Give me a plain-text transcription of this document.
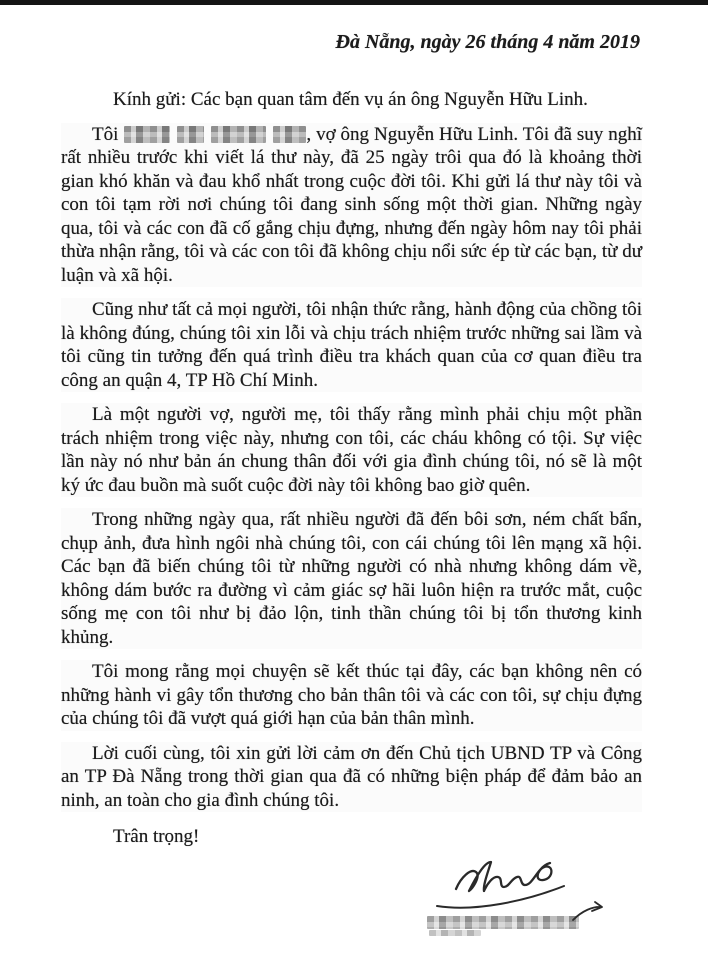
Đà Nẵng, ngày 26 tháng 4 năm 2019
Kính gửi: Các bạn quan tâm đến vụ án ông Nguyễn Hữu Linh.

Tôi	, vợ ông Nguyễn Hữu Linh. Tôi đã suy nghĩ rất nhiều trước khi viết lá thư này, đã 25 ngày trôi qua đó là khoảng thời gian khó khăn và đau khổ nhất trong cuộc đời tôi. Khi gửi lá thư này tôi và con tôi tạm rời nơi chúng tôi đang sinh sống một thời gian. Những ngày qua, tôi và các con đã cố gắng chịu đựng, nhưng đến ngày hôm nay tôi phải thừa nhận rằng, tôi và các con tôi đã không chịu nổi sức ép từ các bạn, từ dư luận và xã hội.

Cũng như tất cả mọi người, tôi nhận thức rằng, hành động của chồng tôi là không đúng, chúng tôi xin lỗi và chịu trách nhiệm trước những sai lầm và tôi cũng tin tưởng đến quá trình điều tra khách quan của cơ quan điều tra công an quận 4, TP Hồ Chí Minh.

Là một người vợ, người mẹ, tôi thấy rằng mình phải chịu một phần trách nhiệm trong việc này, nhưng con tôi, các cháu không có tội. Sự việc lần này nó như bản án chung thân đối với gia đình chúng tôi, nó sẽ là một ký ức đau buồn mà suốt cuộc đời này tôi không bao giờ quên.

Trong những ngày qua, rất nhiều người đã đến bôi sơn, ném chất bẩn, chụp ảnh, đưa hình ngôi nhà chúng tôi, con cái chúng tôi lên mạng xã hội. Các bạn đã biến chúng tôi từ những người có nhà nhưng không dám về, không dám bước ra đường vì cảm giác sợ hãi luôn hiện ra trước mắt, cuộc sống mẹ con tôi như bị đảo lộn, tinh thần chúng tôi bị tổn thương kinh khủng.

Tôi mong rằng mọi chuyện sẽ kết thúc tại đây, các bạn không nên có những hành vi gây tổn thương cho bản thân tôi và các con tôi, sự chịu đựng của chúng tôi đã vượt quá giới hạn của bản thân mình.

Lời cuối cùng, tôi xin gửi lời cảm ơn đến Chủ tịch UBND TP và Công an TP Đà Nẵng trong thời gian qua đã có những biện pháp để đảm bảo an ninh, an toàn cho gia đình chúng tôi.

Trân trọng!
